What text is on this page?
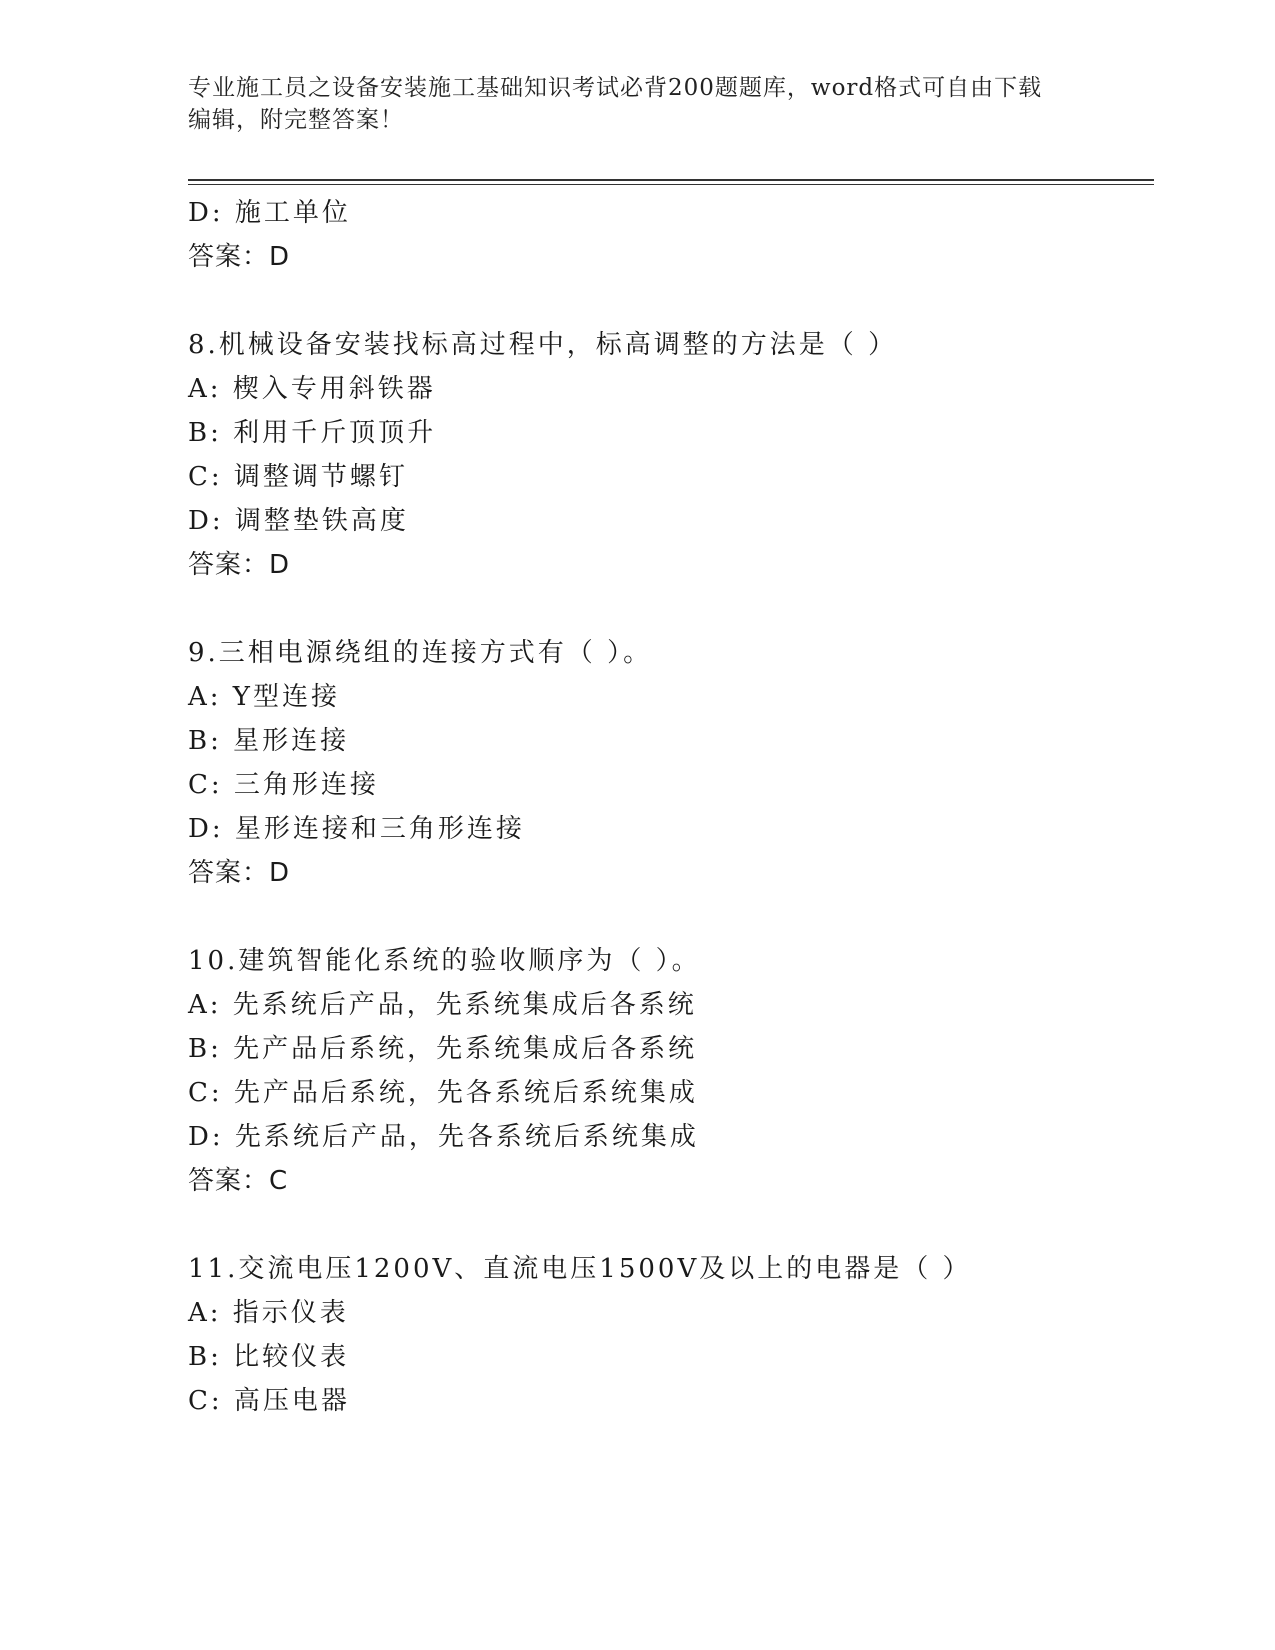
专业施工员之设备安装施工基础知识考试必背200题题库，word格式可自由下载
编辑，附完整答案！
D: 施工单位
答案：D
8.机械设备安装找标高过程中，标高调整的方法是（ ）
A: 楔入专用斜铁器
B: 利用千斤顶顶升
C: 调整调节螺钉
D: 调整垫铁高度
答案：D
9.三相电源绕组的连接方式有（ ）。
A: Y型连接
B: 星形连接
C: 三角形连接
D: 星形连接和三角形连接
答案：D
10.建筑智能化系统的验收顺序为（ ）。
A: 先系统后产品，先系统集成后各系统
B: 先产品后系统，先系统集成后各系统
C: 先产品后系统，先各系统后系统集成
D: 先系统后产品，先各系统后系统集成
答案：C
11.交流电压1200V、直流电压1500V及以上的电器是（ ）
A: 指示仪表
B: 比较仪表
C: 高压电器
